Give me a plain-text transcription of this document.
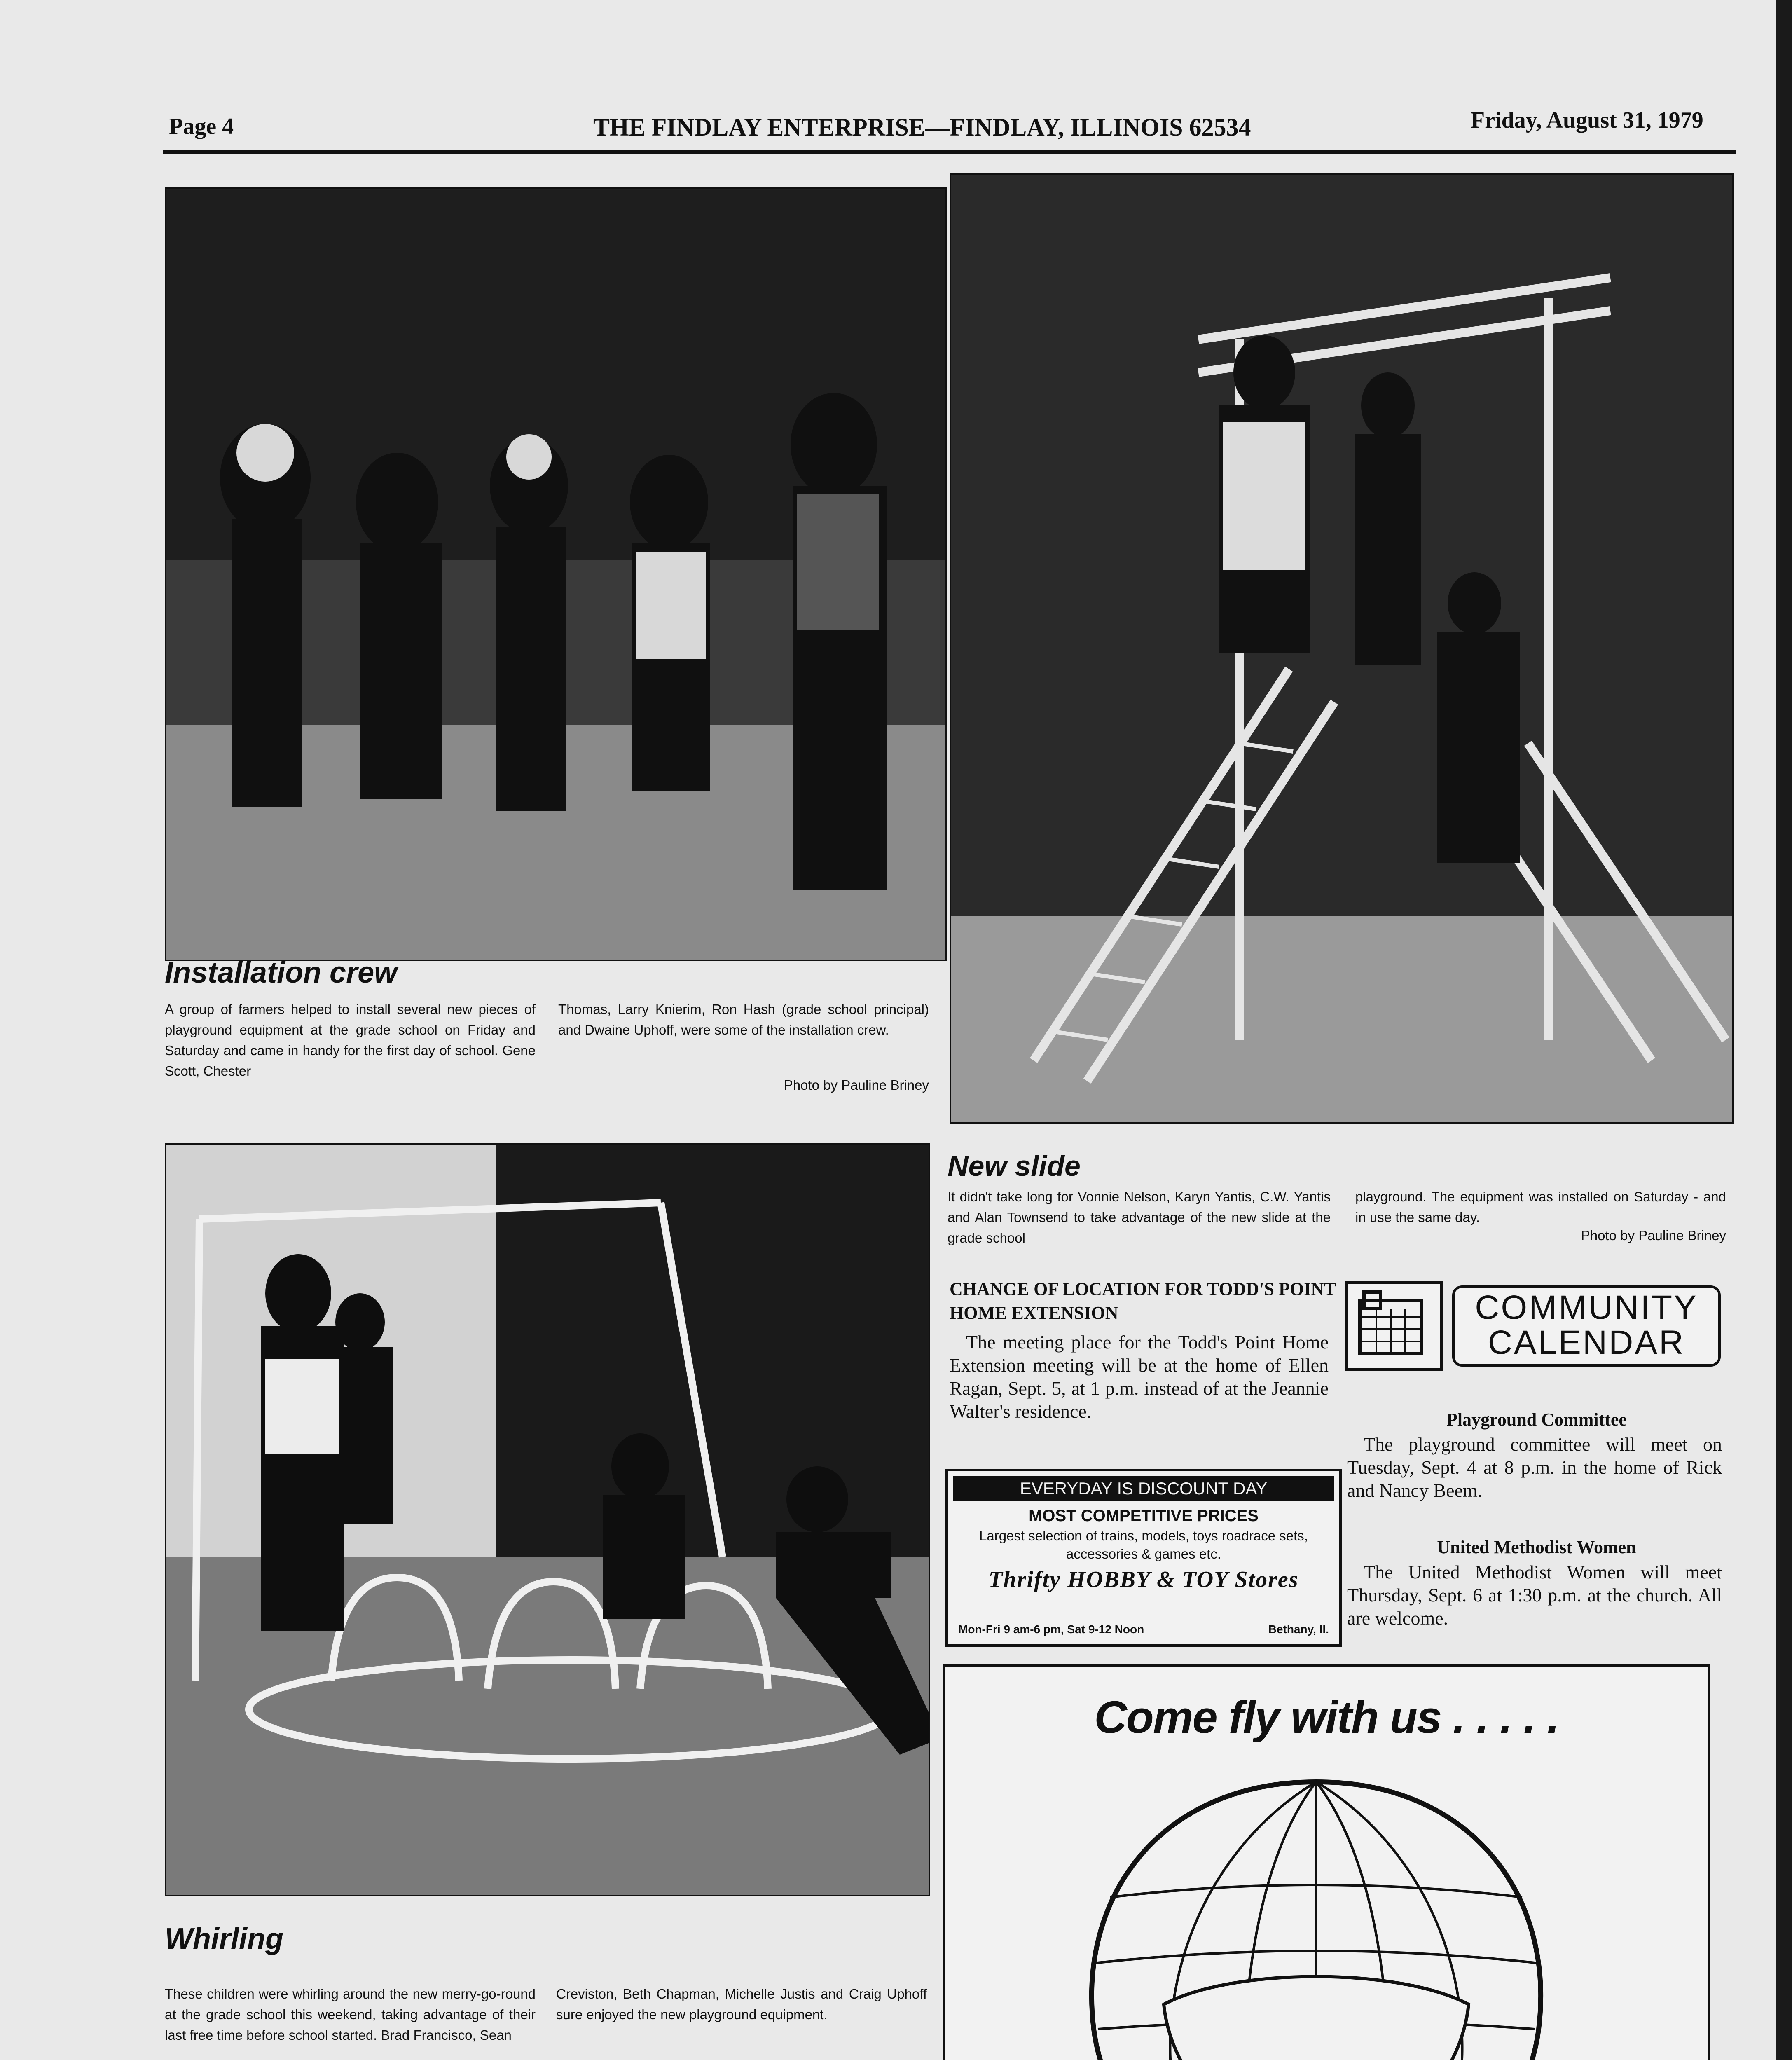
Page 4	THE FINDLAY ENTERPRISE—FINDLAY, ILLINOIS 62534	Friday, August 31, 1979
Installation crew
A group of farmers helped to install several new pieces of playground equipment at the grade school on Friday and Saturday and came in handy for the first day of school. Gene Scott, Chester
Thomas, Larry Knierim, Ron Hash (grade school principal) and Dwaine Uphoff, were some of the installation crew.
Photo by Pauline Briney
Whirling
These children were whirling around the new merry-go-round at the grade school this weekend, taking advantage of their last free time before school started. Brad Francisco, Sean
Creviston, Beth Chapman, Michelle Justis and Craig Uphoff sure enjoyed the new playground equipment.
New slide
It didn't take long for Vonnie Nelson, Karyn Yantis, C.W. Yantis and Alan Townsend to take advantage of the new slide at the grade school
playground. The equipment was installed on Saturday - and in use the same day.
Photo by Pauline Briney
CHANGE OF LOCATION FOR TODD'S POINT HOME EXTENSION
The meeting place for the Todd's Point Home Extension meeting will be at the home of Ellen Ragan, Sept. 5, at 1 p.m. instead of at the Jeannie Walter's residence.
EVERYDAY IS DISCOUNT DAY
MOST COMPETITIVE PRICES
Largest selection of trains, models, toys roadrace sets, accessories & games etc.
Thrifty HOBBY & TOY Stores
Mon-Fri 9 am-6 pm, Sat 9-12 Noon	Bethany, Il.
COMMUNITY
CALENDAR
Playground Committee
The playground committee will meet on Tuesday, Sept. 4 at 8 p.m. in the home of Rick and Nancy Beem.
United Methodist Women
The United Methodist Women will meet Thursday, Sept. 6 at 1:30 p.m. at the church. All are welcome.
Come fly with us . . . . .
